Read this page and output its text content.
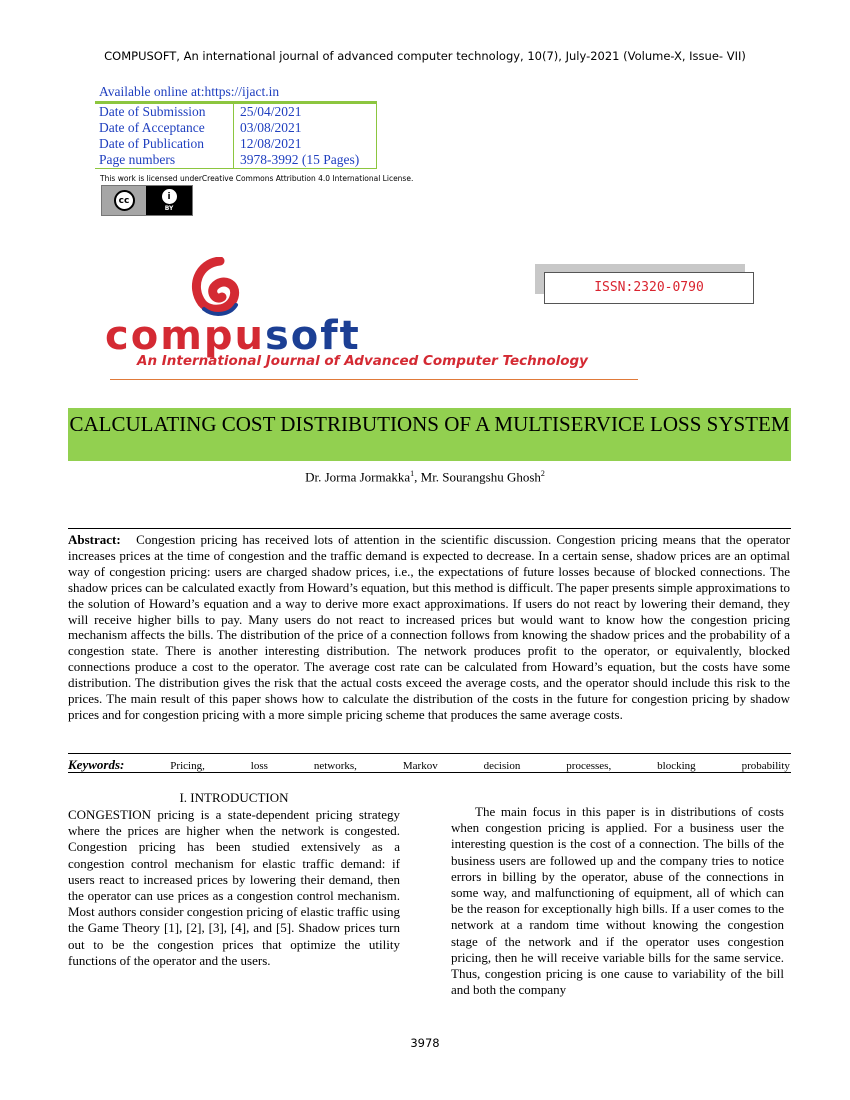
COMPUSOFT, An international journal of advanced computer technology, 10(7), July-2021 (Volume-X, Issue- VII)
Available online at:https://ijact.in
Date of Submission	25/04/2021
Date of Acceptance	03/08/2021
Date of Publication	12/08/2021
Page numbers	3978-3992 (15 Pages)
This work is licensed underCreative Commons Attribution 4.0 International License.
cc	i
BY
ISSN:2320-0790
compusoft
An International Journal of Advanced Computer Technology
CALCULATING COST DISTRIBUTIONS OF A MULTISERVICE LOSS SYSTEM
Dr. Jorma Jormakka$^1$, Mr. Sourangshu Ghosh$^2$
Abstract: Congestion pricing has received lots of attention in the scientific discussion. Congestion pricing means that the operator increases prices at the time of congestion and the traffic demand is expected to decrease. In a certain sense, shadow prices are an optimal way of congestion pricing: users are charged shadow prices, i.e., the expectations of future losses because of blocked connections. The shadow prices can be calculated exactly from Howard’s equation, but this method is difficult. The paper presents simple approximations to the solution of Howard’s equation and a way to derive more exact approximations. If users do not react by lowering their demand, they will receive higher bills to pay. Many users do not react to increased prices but would want to know how the congestion pricing mechanism affects the bills. The distribution of the price of a connection follows from knowing the shadow prices and the probability of a congestion state. There is another interesting distribution. The network produces profit to the operator, or equivalently, blocked connections produce a cost to the operator. The average cost rate can be calculated from Howard’s equation, but the costs have some distribution. The distribution gives the risk that the actual costs exceed the average costs, and the operator should include this risk to the prices. The main result of this paper shows how to calculate the distribution of the costs in the future for congestion pricing by shadow prices and for congestion pricing with a more simple pricing scheme that produces the same average costs.
Keywords:	Pricing,	loss	networks,	Markov	decision	processes,	blocking	probability
I. INTRODUCTION

CONGESTION pricing is a state-dependent pricing strategy where the prices are higher when the network is congested. Congestion pricing has been studied extensively as a congestion control mechanism for elastic traffic demand: if users react to increased prices by lowering their demand, then the operator can use prices as a congestion control mechanism. Most authors consider congestion pricing of elastic traffic using the Game Theory [1], [2], [3], [4], and [5]. Shadow prices turn out to be the congestion prices that optimize the utility functions of the operator and the users.

The main focus in this paper is in distributions of costs when congestion pricing is applied. For a business user the interesting question is the cost of a connection. The bills of the business users are followed up and the company tries to notice errors in billing by the operator, abuse of the connections in some way, and malfunctioning of equipment, all of which can be the reason for exceptionally high bills. If a user comes to the network at a random time without knowing the congestion stage of the network and if the operator uses congestion pricing, then he will receive variable bills for the same service. Thus, congestion pricing is one cause to variability of the bill and both the company

3978
